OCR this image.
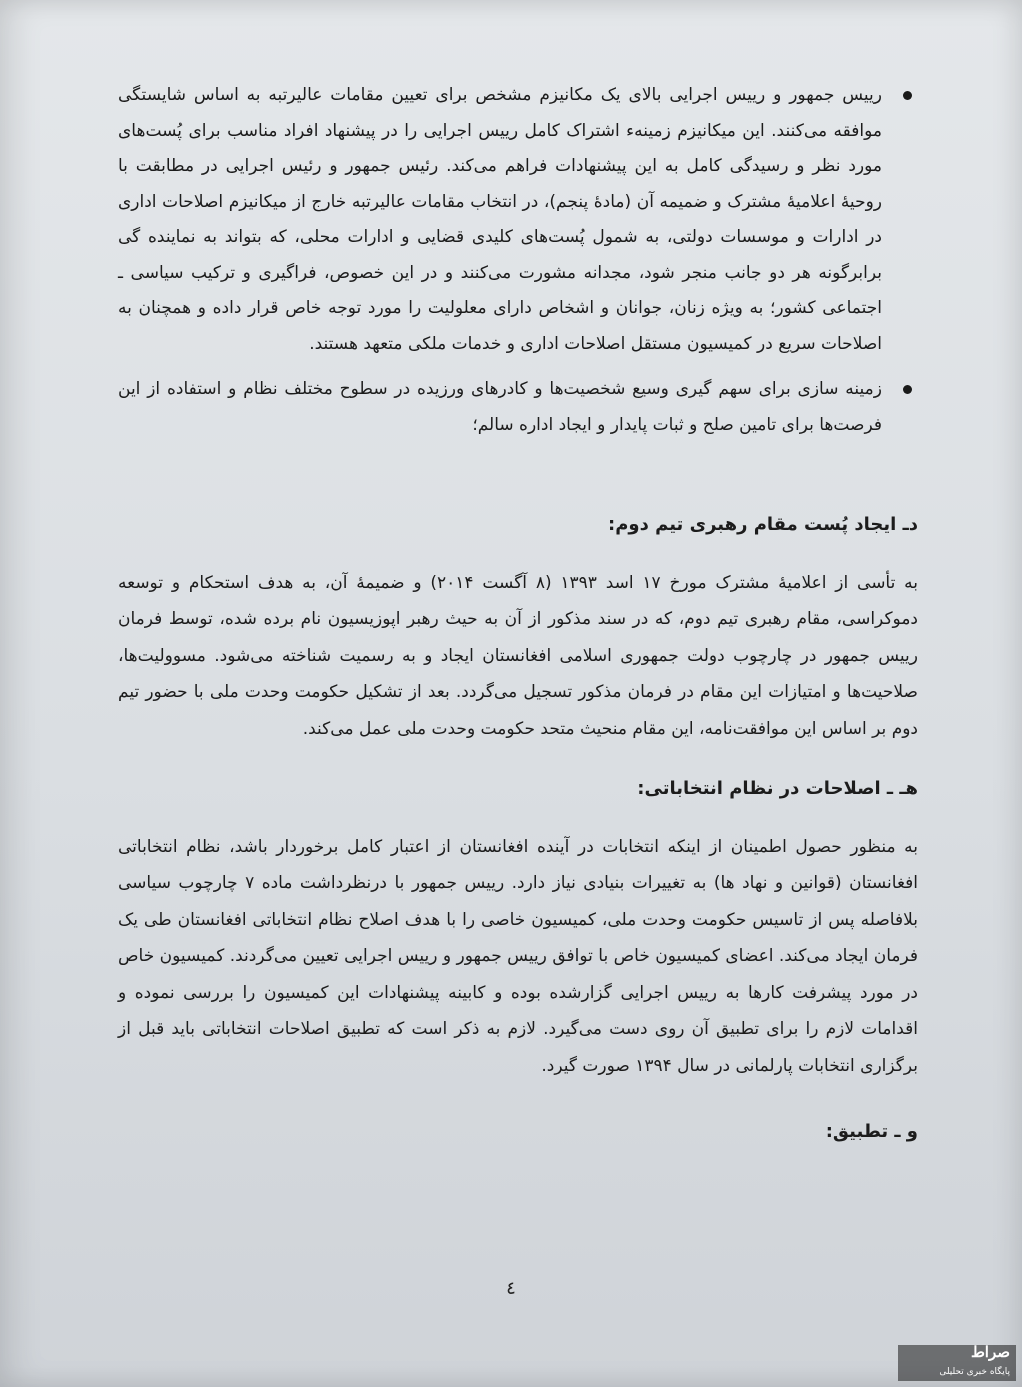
رییس جمهور و رییس اجرایی بالای یک مکانیزم مشخص برای تعیین مقامات عالیرتبه به اساس شایستگی موافقه می‌کنند. این میکانیزم زمینهء اشتراک کامل رییس اجرایی را در پیشنهاد افراد مناسب برای پُست‌های مورد نظر و رسیدگی کامل به این پیشنهادات فراهم می‌کند. رئیس جمهور و رئیس اجرایی در مطابقت با روحیهٔ اعلامیهٔ مشترک و ضمیمه آن (مادهٔ پنجم)، در انتخاب مقامات عالیرتبه خارج از میکانیزم اصلاحات اداری در ادارات و موسسات دولتی، به شمول پُست‌های کلیدی قضایی و ادارات محلی، که بتواند به نماینده گی برابرگونه هر دو جانب منجر شود، مجدانه مشورت می‌کنند و در این خصوص، فراگیری و ترکیب سیاسی ـ اجتماعی کشور؛ به ویژه زنان، جوانان و اشخاص دارای معلولیت را مورد توجه خاص قرار داده و همچنان به اصلاحات سریع در کمیسیون مستقل اصلاحات اداری و خدمات ملکی متعهد هستند.
زمینه سازی برای سهم گیری وسیع شخصیت‌ها و کادرهای ورزیده در سطوح مختلف نظام و استفاده از این فرصت‌ها برای تامین صلح و ثبات پایدار و ایجاد اداره سالم؛
دـ ایجاد پُست مقام رهبری تیم دوم:

به تأسی از اعلامیهٔ مشترک مورخ ۱۷ اسد ۱۳۹۳ (۸ آگست ۲۰۱۴) و ضمیمهٔ آن، به هدف استحکام و توسعه دموکراسی، مقام رهبری تیم دوم، که در سند مذکور از آن به حیث رهبر اپوزیسیون نام برده شده، توسط فرمان رییس جمهور در چارچوب دولت جمهوری اسلامی افغانستان ایجاد و به رسمیت شناخته می‌شود. مسوولیت‌ها، صلاحیت‌ها و امتیازات این مقام در فرمان مذکور تسجیل می‌گردد. بعد از تشکیل حکومت وحدت ملی با حضور تیم دوم بر اساس این موافقت‌نامه، این مقام منحیث متحد حکومت وحدت ملی عمل می‌کند.

هـ ـ اصلاحات در نظام انتخاباتی:

به منظور حصول اطمینان از اینکه انتخابات در آینده افغانستان از اعتبار کامل برخوردار باشد، نظام انتخاباتی افغانستان (قوانین و نهاد ها) به تغییرات بنیادی نیاز دارد. رییس جمهور با درنظرداشت ماده ۷ چارچوب سیاسی بلافاصله پس از تاسیس حکومت وحدت ملی، کمیسیون خاصی را با هدف اصلاح نظام انتخاباتی افغانستان طی یک فرمان ایجاد می‌کند. اعضای کمیسیون خاص با توافق رییس جمهور و رییس اجرایی تعیین می‌گردند. کمیسیون خاص در مورد پیشرفت کارها به رییس اجرایی گزارشده بوده و کابینه پیشنهادات این کمیسیون را بررسی نموده و اقدامات لازم را برای تطبیق آن روی دست می‌گیرد. لازم به ذکر است که تطبیق اصلاحات انتخاباتی باید قبل از برگزاری انتخابات پارلمانی در سال ۱۳۹۴ صورت گیرد.

و ـ تطبیق:
٤
صراط
پایگاه خبری تحلیلی
